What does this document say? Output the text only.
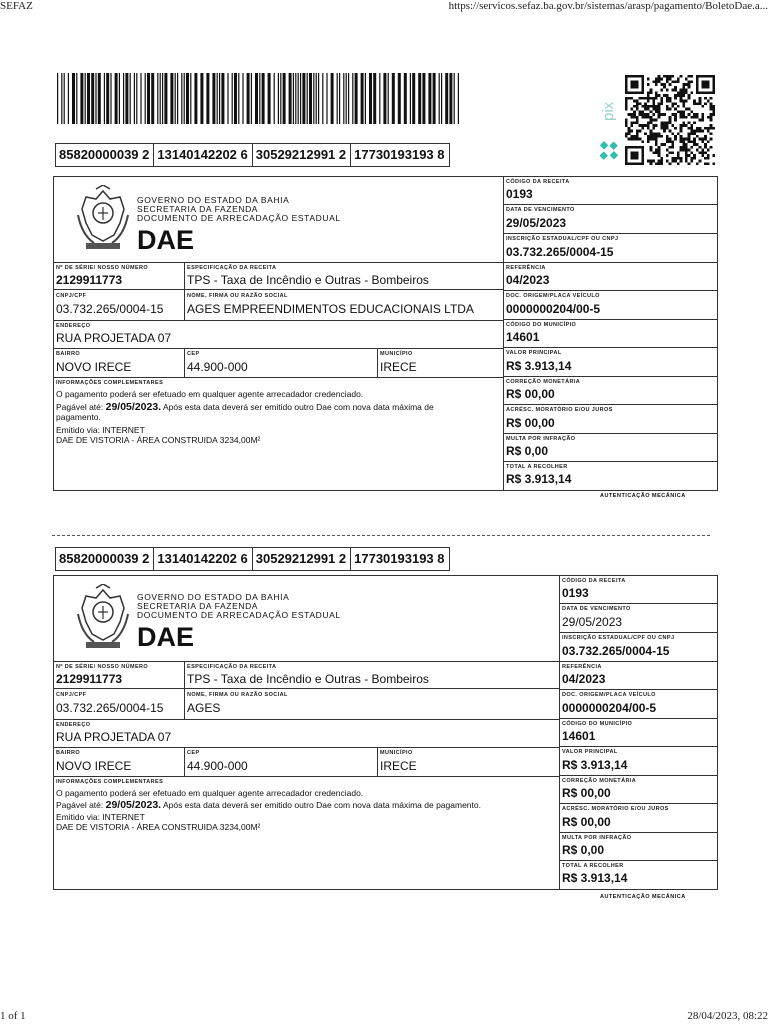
SEFAZ	https://servicos.sefaz.ba.gov.br/sistemas/arasp/pagamento/BoletoDae.a...
1 of 1	28/04/2023, 08:22
pix
85820000039 2 13140142202 6 30529212991 2 17730193193 8
GOVERNO DO ESTADO DA BAHIA
SECRETARIA DA FAZENDA
DOCUMENTO DE ARRECADAÇÃO ESTADUAL
DAE
Nº DE SÉRIE/ NOSSO NÚMERO
2129911773
ESPECIFICAÇÃO DA RECEITA
TPS - Taxa de Incêndio e Outras - Bombeiros
CNPJ/CPF
03.732.265/0004-15
NOME, FIRMA OU RAZÃO SOCIAL
AGES EMPREENDIMENTOS EDUCACIONAIS LTDA
ENDEREÇO
RUA PROJETADA 07
BAIRRO
NOVO IRECE
CEP
44.900-000
MUNICÍPIO
IRECE
INFORMAÇÕES COMPLEMENTARES
O pagamento poderá ser efetuado em qualquer agente arrecadador credenciado.
Pagável até: 29/05/2023. Após esta data deverá ser emitido outro Dae com nova data máxima de
pagamento.
Emitido via: INTERNET
DAE DE VISTORIA - ÁREA CONSTRUIDA 3234,00M²
CÓDIGO DA RECEITA
0193
DATA DE VENCIMENTO
29/05/2023
INSCRIÇÃO ESTADUAL/CPF OU CNPJ
03.732.265/0004-15
REFERÊNCIA
04/2023
DOC. ORIGEM/PLACA VEÍCULO
0000000204/00-5
CÓDIGO DO MUNICÍPIO
14601
VALOR PRINCIPAL
R$ 3.913,14
CORREÇÃO MONETÁRIA
R$ 00,00
ACRÉSC. MORATÓRIO E/OU JUROS
R$ 00,00
MULTA POR INFRAÇÃO
R$ 0,00
TOTAL A RECOLHER
R$ 3.913,14
AUTENTICAÇÃO MECÂNICA
85820000039 2 13140142202 6 30529212991 2 17730193193 8
GOVERNO DO ESTADO DA BAHIA
SECRETARIA DA FAZENDA
DOCUMENTO DE ARRECADAÇÃO ESTADUAL
DAE
Nº DE SÉRIE/ NOSSO NÚMERO
2129911773
ESPECIFICAÇÃO DA RECEITA
TPS - Taxa de Incêndio e Outras - Bombeiros
CNPJ/CPF
03.732.265/0004-15
NOME, FIRMA OU RAZÃO SOCIAL
AGES
ENDEREÇO
RUA PROJETADA 07
BAIRRO
NOVO IRECE
CEP
44.900-000
MUNICÍPIO
IRECE
INFORMAÇÕES COMPLEMENTARES
O pagamento poderá ser efetuado em qualquer agente arrecadador credenciado.
Pagável até: 29/05/2023. Após esta data deverá ser emitido outro Dae com nova data máxima de pagamento.
Emitido via: INTERNET
DAE DE VISTORIA - ÁREA CONSTRUIDA 3234,00M²
CÓDIGO DA RECEITA
0193
DATA DE VENCIMENTO
29/05/2023
INSCRIÇÃO ESTADUAL/CPF OU CNPJ
03.732.265/0004-15
REFERÊNCIA
04/2023
DOC. ORIGEM/PLACA VEÍCULO
0000000204/00-5
CÓDIGO DO MUNICÍPIO
14601
VALOR PRINCIPAL
R$ 3.913,14
CORREÇÃO MONETÁRIA
R$ 00,00
ACRÉSC. MORATÓRIO E/OU JUROS
R$ 00,00
MULTA POR INFRAÇÃO
R$ 0,00
TOTAL A RECOLHER
R$ 3.913,14
AUTENTICAÇÃO MECÂNICA
